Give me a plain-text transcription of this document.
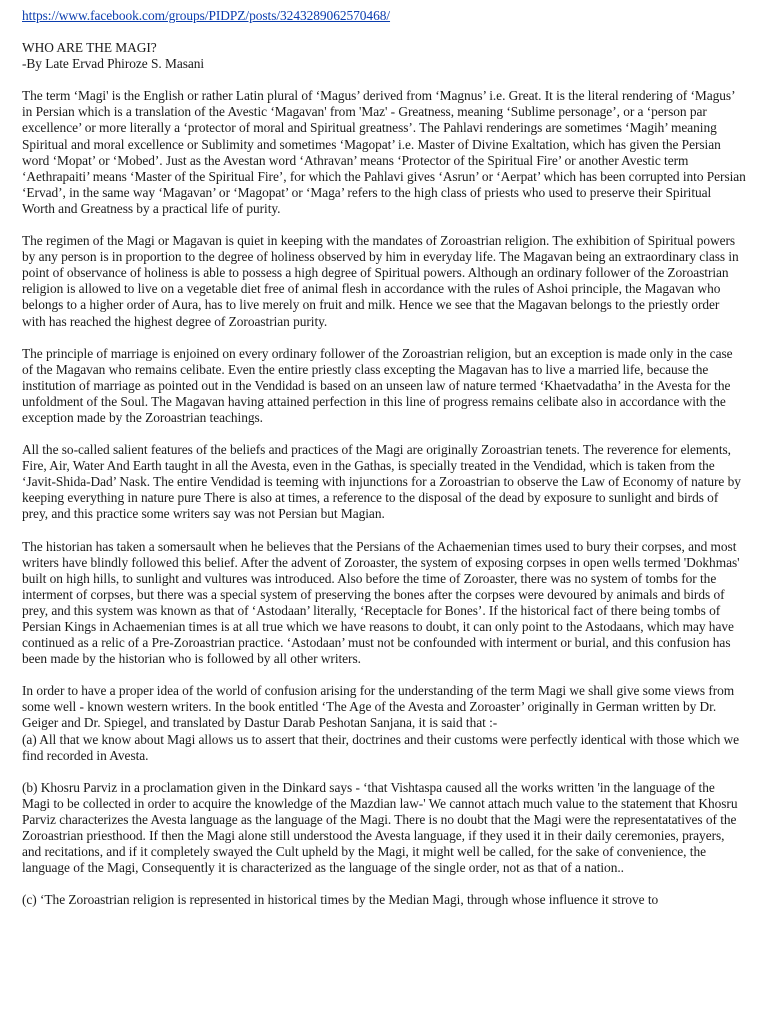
https://www.facebook.com/groups/PIDPZ/posts/3243289062570468/
WHO ARE THE MAGI?
-By Late Ervad Phiroze S. Masani

The term ‘Magi' is the English or rather Latin plural of ‘Magus’ derived from ‘Magnus’ i.e. Great. It is the literal rendering of ‘Magus’ in Persian which is a translation of the Avestic ‘Magavan' from 'Maz' - Greatness, meaning ‘Sublime personage’, or a ‘person par excellence’ or more literally a ‘protector of moral and Spiritual greatness’. The Pahlavi renderings are sometimes ‘Magih’ meaning Spiritual and moral excellence or Sublimity and sometimes ‘Magopat’ i.e. Master of Divine Exaltation, which has given the Persian word ‘Mopat’ or ‘Mobed’. Just as the Avestan word ‘Athravan’ means ‘Protector of the Spiritual Fire’ or another Avestic term ‘Aethrapaiti’ means ‘Master of the Spiritual Fire’, for which the Pahlavi gives ‘Asrun’ or ‘Aerpat’ which has been corrupted into Persian ‘Ervad’, in the same way ‘Magavan’ or ‘Magopat’ or ‘Maga’ refers to the high class of priests who used to preserve their Spiritual Worth and Greatness by a practical life of purity.

The regimen of the Magi or Magavan is quiet in keeping with the mandates of Zoroastrian religion. The exhibition of Spiritual powers by any person is in proportion to the degree of holiness observed by him in everyday life. The Magavan being an extraordinary class in point of observance of holiness is able to possess a high degree of Spiritual powers. Although an ordinary follower of the Zoroastrian religion is allowed to live on a vegetable diet free of animal flesh in accordance with the rules of Ashoi principle, the Magavan who belongs to a higher order of Aura, has to live merely on fruit and milk. Hence we see that the Magavan belongs to the priestly order with has reached the highest degree of Zoroastrian purity.

The principle of marriage is enjoined on every ordinary follower of the Zoroastrian religion, but an exception is made only in the case of the Magavan who remains celibate. Even the entire priestly class excepting the Magavan has to live a married life, because the institution of marriage as pointed out in the Vendidad is based on an unseen law of nature termed ‘Khaetvadatha’ in the Avesta for the unfoldment of the Soul. The Magavan having attained perfection in this line of progress remains celibate also in accordance with the exception made by the Zoroastrian teachings.

All the so-called salient features of the beliefs and practices of the Magi are originally Zoroastrian tenets. The reverence for elements, Fire, Air, Water And Earth taught in all the Avesta, even in the Gathas, is specially treated in the Vendidad, which is taken from the ‘Javit-Shida-Dad’ Nask. The entire Vendidad is teeming with injunctions for a Zoroastrian to observe the Law of Economy of nature by keeping everything in nature pure There is also at times, a reference to the disposal of the dead by exposure to sunlight and birds of prey, and this practice some writers say was not Persian but Magian.

The historian has taken a somersault when he believes that the Persians of the Achaemenian times used to bury their corpses, and most writers have blindly followed this belief. After the advent of Zoroaster, the system of exposing corpses in open wells termed 'Dokhmas' built on high hills, to sunlight and vultures was introduced. Also before the time of Zoroaster, there was no system of tombs for the interment of corpses, but there was a special system of preserving the bones after the corpses were devoured by animals and birds of prey, and this system was known as that of ‘Astodaan’ literally, ‘Receptacle for Bones’. If the historical fact of there being tombs of Persian Kings in Achaemenian times is at all true which we have reasons to doubt, it can only point to the Astodaans, which may have continued as a relic of a Pre-Zoroastrian practice. ‘Astodaan’ must not be confounded with interment or burial, and this confusion has been made by the historian who is followed by all other writers.

In order to have a proper idea of the world of confusion arising for the understanding of the term Magi we shall give some views from some well - known western writers. In the book entitled ‘The Age of the Avesta and Zoroaster’ originally in German written by Dr. Geiger and Dr. Spiegel, and translated by Dastur Darab Peshotan Sanjana, it is said that :-

(a) All that we know about Magi allows us to assert that their, doctrines and their customs were perfectly identical with those which we find recorded in Avesta.

(b) Khosru Parviz in a proclamation given in the Dinkard says - ‘that Vishtaspa caused all the works written 'in the language of the Magi to be collected in order to acquire the knowledge of the Mazdian law-' We cannot attach much value to the statement that Khosru Parviz characterizes the Avesta language as the language of the Magi. There is no doubt that the Magi were the representatatives of the Zoroastrian priesthood. If then the Magi alone still understood the Avesta language, if they used it in their daily ceremonies, prayers, and recitations, and if it completely swayed the Cult upheld by the Magi, it might well be called, for the sake of convenience, the language of the Magi, Consequently it is characterized as the language of the single order, not as that of a nation..

(c) ‘The Zoroastrian religion is represented in historical times by the Median Magi, through whose influence it strove to
